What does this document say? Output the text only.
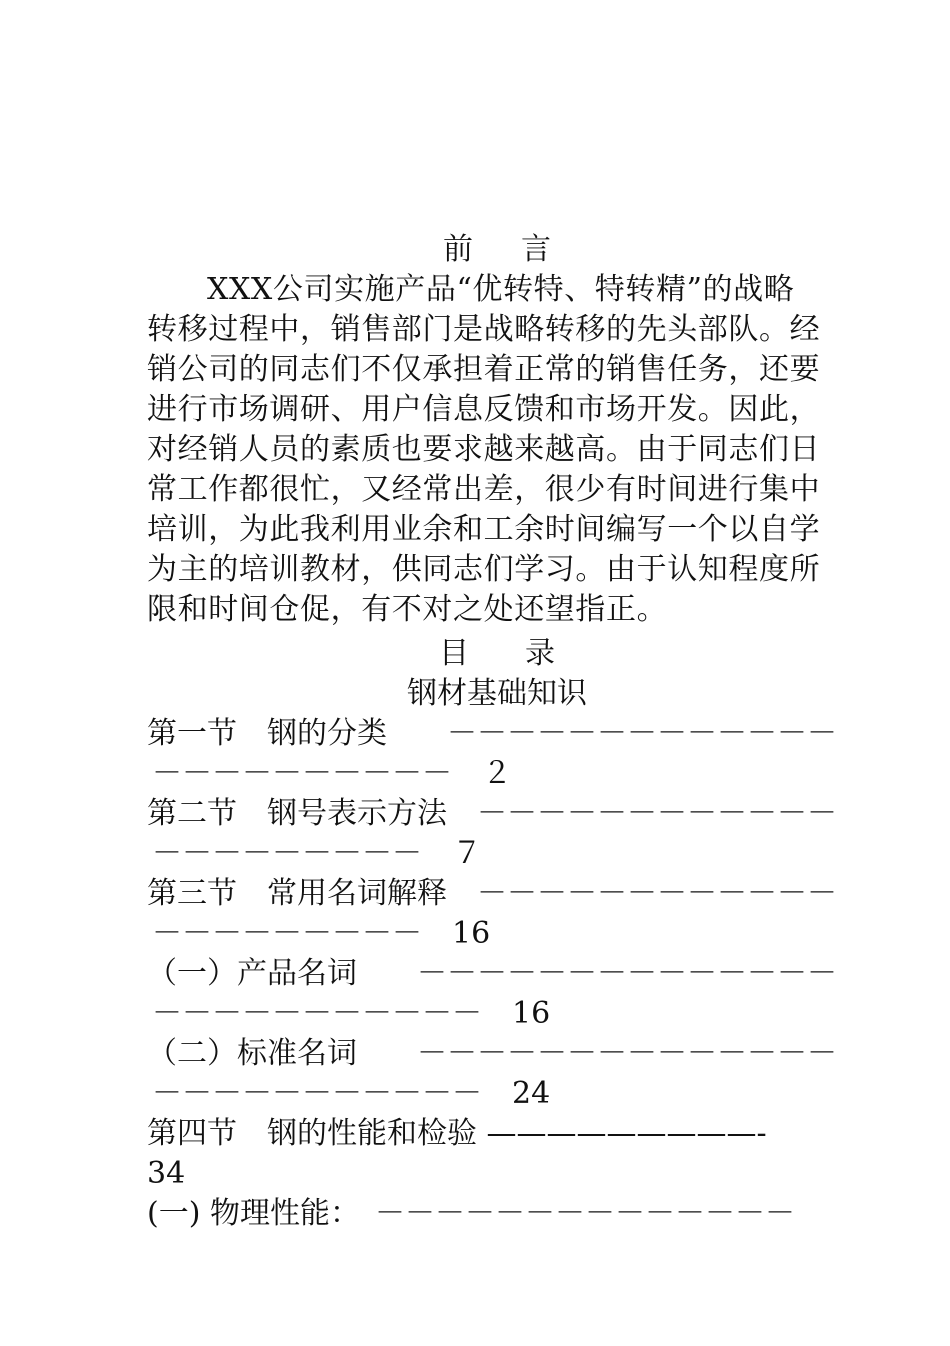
前言
XXX公司实施产品“优转特、特转精”的战略
转移过程中，销售部门是战略转移的先头部队。经
销公司的同志们不仅承担着正常的销售任务，还要
进行市场调研、用户信息反馈和市场开发。因此，
对经销人员的素质也要求越来越高。由于同志们日
常工作都很忙，又经常出差，很少有时间进行集中
培训，为此我利用业余和工余时间编写一个以自学
为主的培训教材，供同志们学习。由于认知程度所
限和时间仓促，有不对之处还望指正。
目录
钢材基础知识
第一节　钢的分类　　－－－－－－－－－－－－－
－－－－－－－－－－　２
第二节　钢号表示方法　－－－－－－－－－－－－
－－－－－－－－－　７
第三节　常用名词解释　－－－－－－－－－－－－
－－－－－－－－－　16
（一）产品名词　　－－－－－－－－－－－－－－
－－－－－－－－－－－　16
（二）标准名词　　－－－－－－－－－－－－－－
－－－－－－－－－－－　24
第四节　钢的性能和检验 —————————-
34
(一) 物理性能：　－－－－－－－－－－－－－－
